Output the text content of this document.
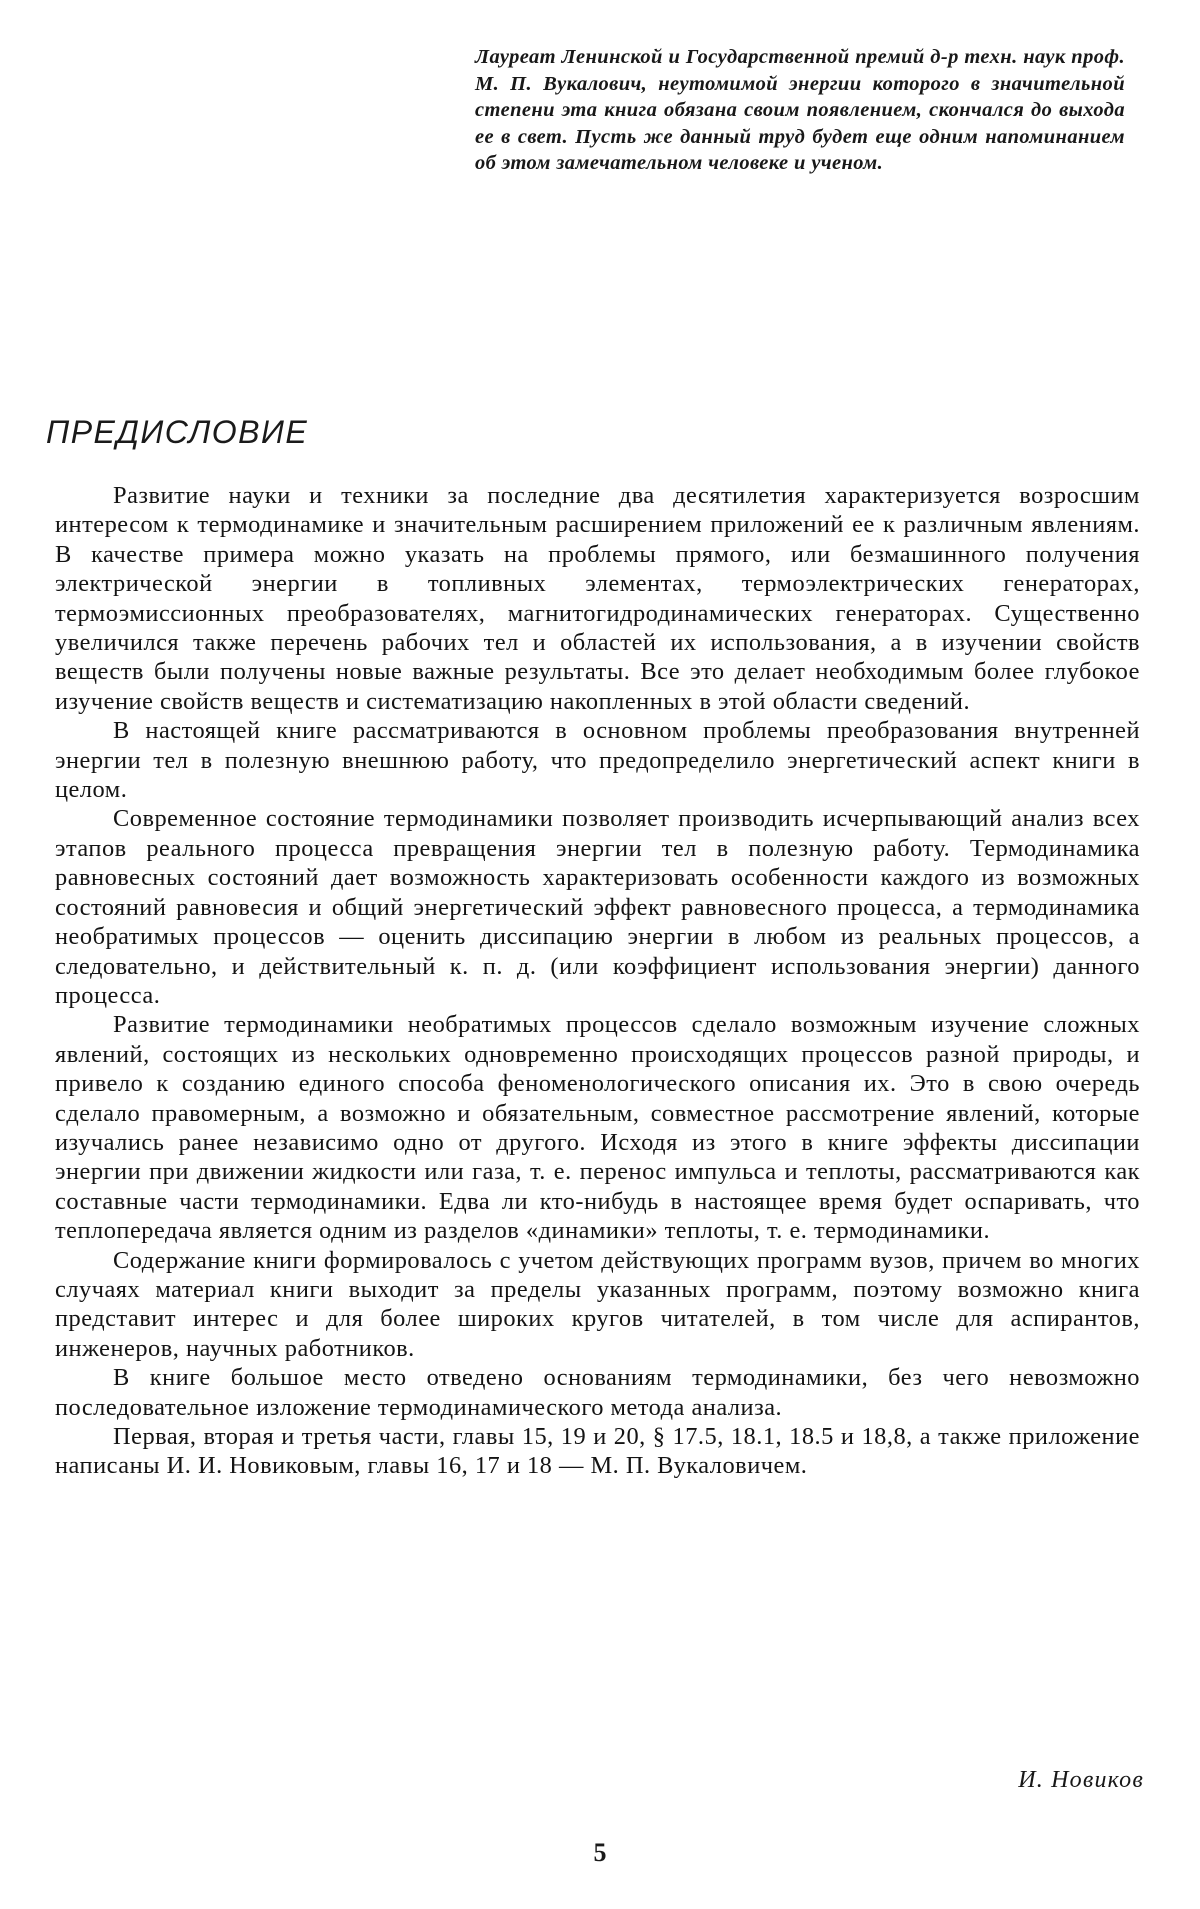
Лауреат Ленинской и Государственной премий д-р техн. наук проф. М. П. Вукалович, неутомимой энергии которого в значительной степени эта книга обязана своим появлением, скончался до выхода ее в свет. Пусть же данный труд будет еще одним напоминанием об этом замечательном человеке и ученом.
ПРЕДИСЛОВИЕ

Развитие науки и техники за последние два десятилетия характеризуется возросшим интересом к термодинамике и значительным расширением приложений ее к различным явлениям. В качестве примера можно указать на проблемы прямого, или безмашинного получения электрической энергии в топливных элементах, термоэлектрических генераторах, термоэмиссионных преобразователях, магнитогидродинамических генераторах. Существенно увеличился также перечень рабочих тел и областей их использования, а в изучении свойств веществ были получены новые важные результаты. Все это делает необходимым более глубокое изучение свойств веществ и систематизацию накопленных в этой области сведений.

В настоящей книге рассматриваются в основном проблемы преобразования внутренней энергии тел в полезную внешнюю работу, что предопределило энергетический аспект книги в целом.

Современное состояние термодинамики позволяет производить исчерпывающий анализ всех этапов реального процесса превращения энергии тел в полезную работу. Термодинамика равновесных состояний дает возможность характеризовать особенности каждого из возможных состояний равновесия и общий энергетический эффект равновесного процесса, а термодинамика необратимых процессов — оценить диссипацию энергии в любом из реальных процессов, а следовательно, и действительный к. п. д. (или коэффициент использования энергии) данного процесса.

Развитие термодинамики необратимых процессов сделало возможным изучение сложных явлений, состоящих из нескольких одновременно происходящих процессов разной природы, и привело к созданию единого способа феноменологического описания их. Это в свою очередь сделало правомерным, а возможно и обязательным, совместное рассмотрение явлений, которые изучались ранее независимо одно от другого. Исходя из этого в книге эффекты диссипации энергии при движении жидкости или газа, т. е. перенос импульса и теплоты, рассматриваются как составные части термодинамики. Едва ли кто-нибудь в настоящее время будет оспаривать, что теплопередача является одним из разделов «динамики» теплоты, т. е. термодинамики.

Содержание книги формировалось с учетом действующих программ вузов, причем во многих случаях материал книги выходит за пределы указанных программ, поэтому возможно книга представит интерес и для более широких кругов читателей, в том числе для аспирантов, инженеров, научных работников.

В книге большое место отведено основаниям термодинамики, без чего невозможно последовательное изложение термодинамического метода анализа.

Первая, вторая и третья части, главы 15, 19 и 20, § 17.5, 18.1, 18.5 и 18,8, а также приложение написаны И. И. Новиковым, главы 16, 17 и 18 — М. П. Вукаловичем.

И. Новиков
5
